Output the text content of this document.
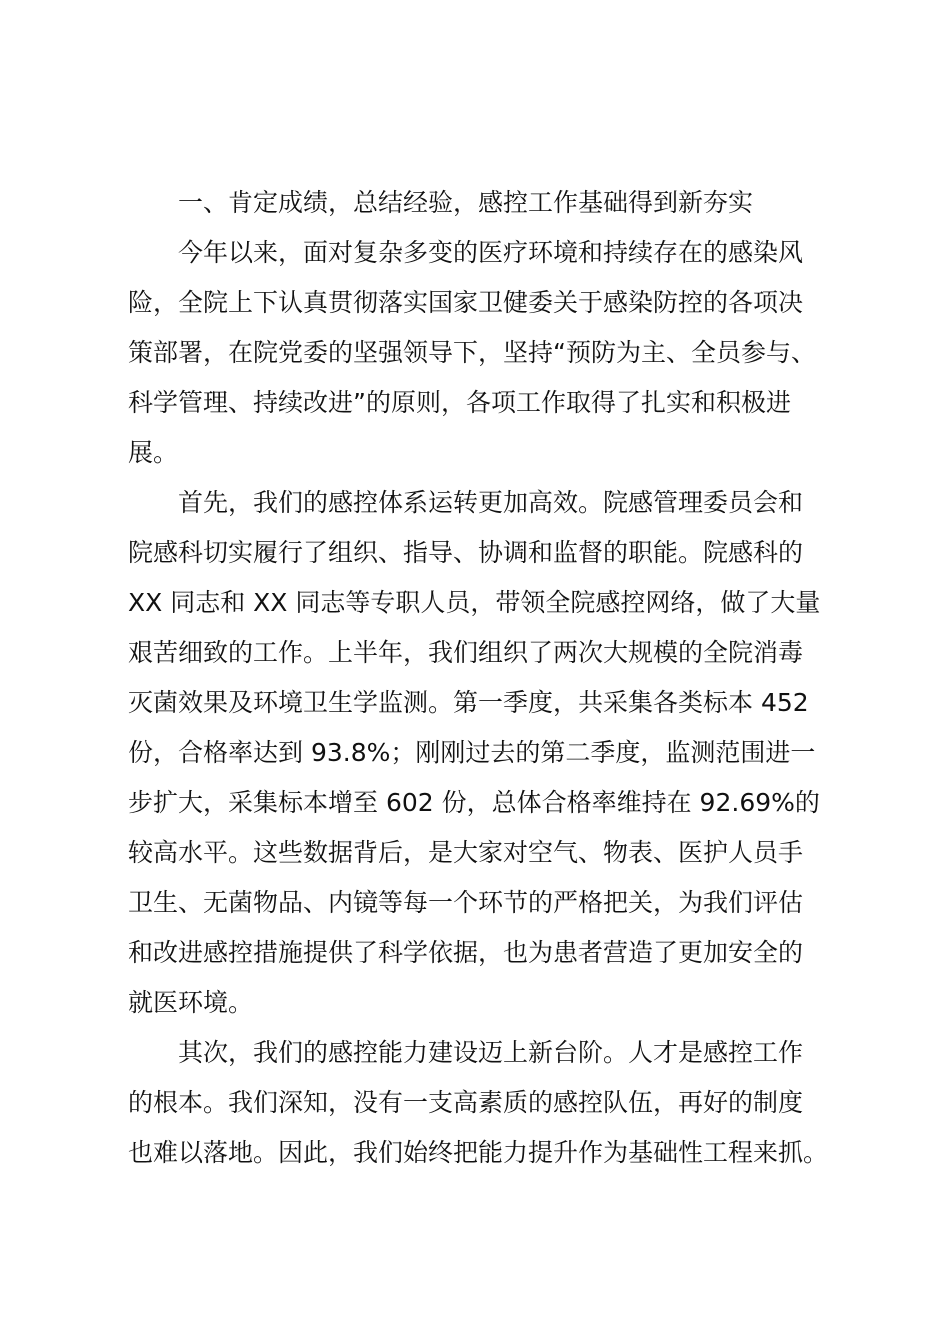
一、肯定成绩，总结经验，感控工作基础得到新夯实
今年以来，面对复杂多变的医疗环境和持续存在的感染风
险，全院上下认真贯彻落实国家卫健委关于感染防控的各项决
策部署，在院党委的坚强领导下，坚持“预防为主、全员参与、
科学管理、持续改进”的原则，各项工作取得了扎实和积极进
展。
首先，我们的感控体系运转更加高效。院感管理委员会和
院感科切实履行了组织、指导、协调和监督的职能。院感科的
XX 同志和 XX 同志等专职人员，带领全院感控网络，做了大量
艰苦细致的工作。上半年，我们组织了两次大规模的全院消毒
灭菌效果及环境卫生学监测。第一季度，共采集各类标本 452
份，合格率达到 93.8%；刚刚过去的第二季度，监测范围进一
步扩大，采集标本增至 602 份，总体合格率维持在 92.69%的
较高水平。这些数据背后，是大家对空气、物表、医护人员手
卫生、无菌物品、内镜等每一个环节的严格把关，为我们评估
和改进感控措施提供了科学依据，也为患者营造了更加安全的
就医环境。
其次，我们的感控能力建设迈上新台阶。人才是感控工作
的根本。我们深知，没有一支高素质的感控队伍，再好的制度
也难以落地。因此，我们始终把能力提升作为基础性工程来抓。
